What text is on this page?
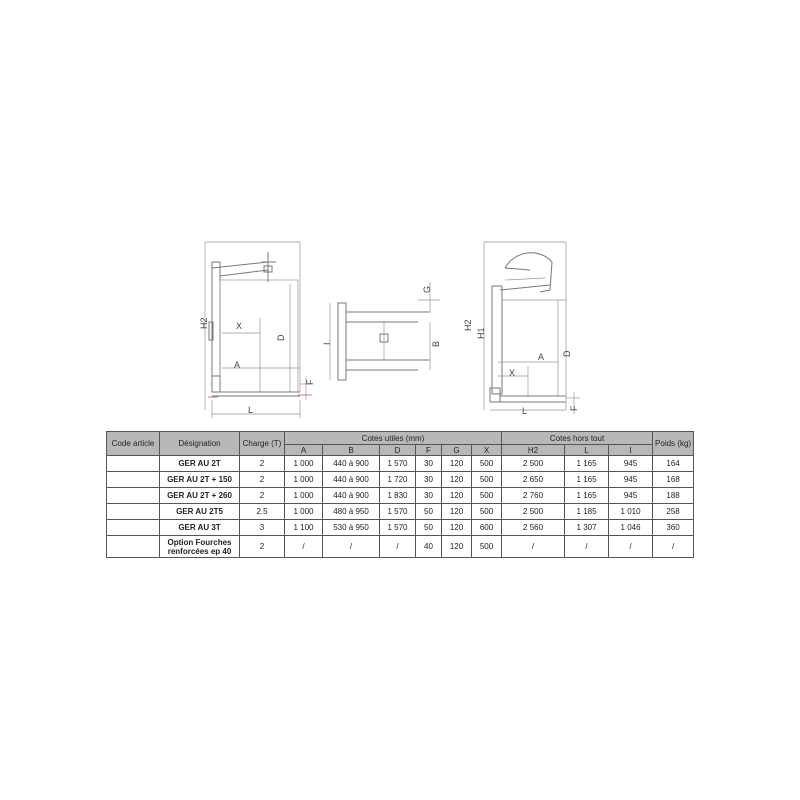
H2	X
D
A
F
L
G
I	B
H2
H1
A D
X
L	F
Code article	Désignation	Charge (T)	Cotes utiles (mm)						Cotes hors tout			Poids (kg)
			A	B	D	F	G	X	H2	L	I	
	GER AU 2T	2	1 000	440 à 900	1 570	30	120	500	2 500	1 165	945	164
	GER AU 2T + 150	2	1 000	440 à 900	1 720	30	120	500	2 650	1 165	945	168
	GER AU 2T + 260	2	1 000	440 à 900	1 830	30	120	500	2 760	1 165	945	188
	GER AU 2T5	2.5	1 000	480 à 950	1 570	50	120	500	2 500	1 185	1 010	258
	GER AU 3T	3	1 100	530 à 950	1 570	50	120	600	2 560	1 307	1 046	360
	Option Fourches renforcées ep 40	2	/	/	/	40	120	500	/	/	/	/
